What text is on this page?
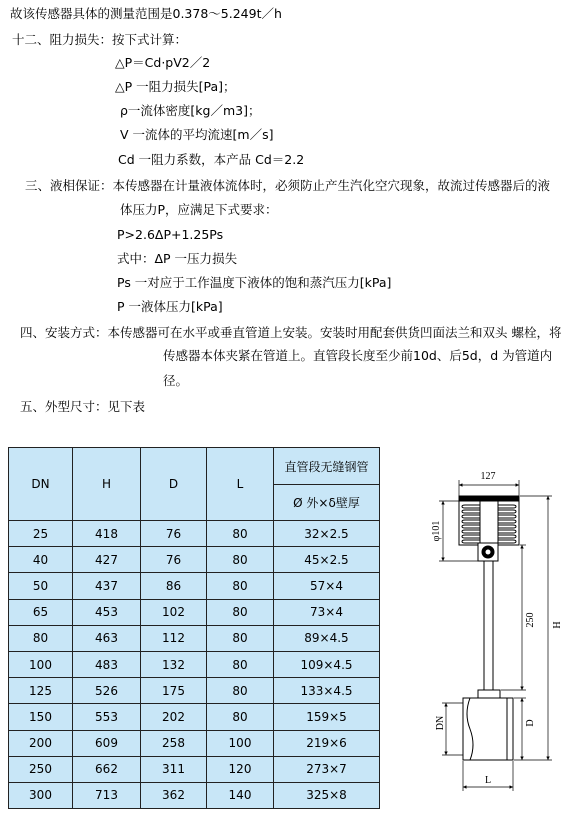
故该传感器具体的测量范围是0.378～5.249t／h
十二、阻力损失：按下式计算：
△P＝Cd·pV2／2
△P 一阻力损失[Pa]；
ρ一流体密度[kg／m3]；
V 一流体的平均流速[m／s]
Cd 一阻力系数，本产品 Cd＝2.2
三、液相保证：本传感器在计量液体流体时，必须防止产生汽化空穴现象，故流过传感器后的液
体压力P，应满足下式要求：
P>2.6ΔP+1.25Ps
式中：ΔP 一压力损失
Ps 一对应于工作温度下液体的饱和蒸汽压力[kPa]
P 一液体压力[kPa]
四、安装方式：本传感器可在水平或垂直管道上安装。安装时用配套供货凹面法兰和双头 螺栓，将
传感器本体夹紧在管道上。直管段长度至少前10d、后5d，d 为管道内
径。
五、外型尺寸：见下表
DN	H	D	L	直管段无缝钢管
				Ø 外×δ壁厚
25	418	76	80	32×2.5
40	427	76	80	45×2.5
50	437	86	80	57×4
65	453	102	80	73×4
80	463	112	80	89×4.5
100	483	132	80	109×4.5
125	526	175	80	133×4.5
150	553	202	80	159×5
200	609	258	100	219×6
250	662	311	120	273×7
300	713	362	140	325×8
127
φ101
250 H
DN	D
L
